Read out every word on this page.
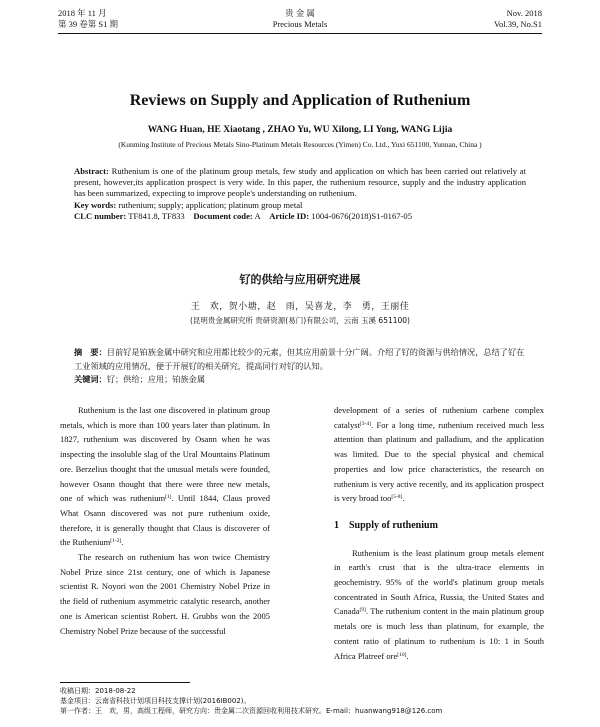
2018 年 11 月
第 39 卷第 S1 期
贵 金 属
Precious Metals
Nov. 2018
Vol.39, No.S1
Reviews on Supply and Application of Ruthenium
WANG Huan, HE Xiaotang , ZHAO Yu, WU Xilong, LI Yong, WANG Lijia
(Kunming Institute of Precious Metals Sino-Platinum Metals Resources (Yimen) Co. Ltd., Yuxi 651100, Yunnan, China )

Abstract: Ruthenium is one of the platinum group metals, few study and application on which has been carried out relatively at present, however,its application prospect is very wide. In this paper, the ruthenium resource, supply and the industry application has been summarized, expecting to improve people's understanding on ruthenium.

Key words: ruthenium; supply; application; platinum group metal

CLC number: TF841.8, TF833 Document code: A Article ID: 1004-0676(2018)S1-0167-05

钌的供给与应用研究进展
王　欢，贺小塘，赵　雨，吴喜龙，李　勇，王丽佳
(昆明贵金属研究所 贵研资源(易门)有限公司，云南 玉溪 651100)

摘　要：目前钌是铂族金属中研究和应用都比较少的元素，但其应用前景十分广阔。介绍了钌的资源与供给情况，总结了钌在工业领域的应用情况，便于开展钌的相关研究，提高同行对钌的认知。

关键词：钌；供给；应用；铂族金属

Ruthenium is the last one discovered in platinum group metals, which is more than 100 years later than platinum. In 1827, ruthenium was discovered by Osann when he was inspecting the insoluble slag of the Ural Mountains Platinum ore. Berzelius thought that the unusual metals were founded, however Osann thought that there were three new metals, one of which was ruthenium[1]. Until 1844, Claus proved What Osann discovered was not pure ruthenium oxide, therefore, it is generally thought that Claus is discoverer of the Ruthenium[1-2].

The research on ruthenium has won twice Chemistry Nobel Prize since 21st century, one of which is Japanese scientist R. Noyori won the 2001 Chemistry Nobel Prize in the field of ruthenium asymmetric catalytic research, another one is American scientist Robert. H. Grubbs won the 2005 Chemistry Nobel Prize because of the successful

development of a series of ruthenium carbene complex catalyst[3-4]. For a long time, ruthenium received much less attention than platinum and palladium, and the application was limited. Due to the special physical and chemical properties and low price characteristics, the research on ruthenium is very active recently, and its application prospect is very broad too[5-8].

1　Supply of ruthenium

Ruthenium is the least platinum group metals element in earth's crust that is the ultra-trace elements in geochemistry. 95% of the world's platinum group metals concentrated in South Africa, Russia, the United States and Canada[9]. The ruthenium content in the main platinum group metals ore is much less than platinum, for example, the content ratio of platinum to ruthenium is 10: 1 in South Africa Platreef ore[10].

收稿日期：2018-08-22

基金项目：云南省科技计划项目科技支撑计划(2016IB002)。

第一作者：王　欢，男，高级工程师，研究方向：贵金属二次资源回收利用技术研究。E-mail：huanwang918@126.com
